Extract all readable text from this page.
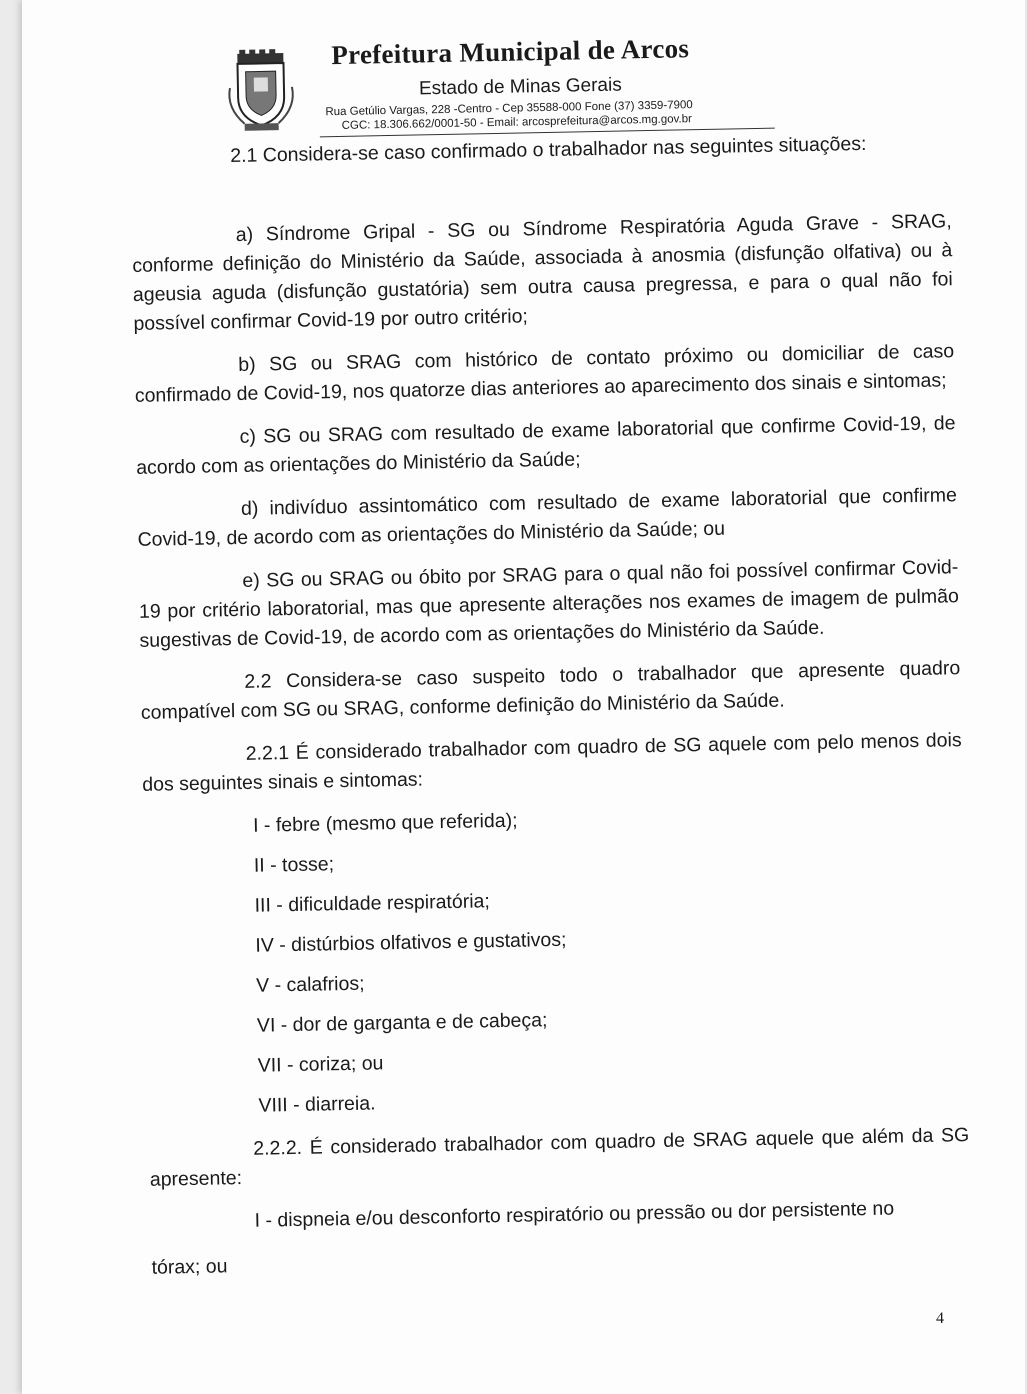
Prefeitura Municipal de Arcos
Estado de Minas Gerais
Rua Getúlio Vargas, 228 -Centro - Cep 35588-000 Fone (37) 3359-7900
CGC: 18.306.662/0001-50 - Email: arcosprefeitura@arcos.mg.gov.br

2.1 Considera-se caso confirmado o trabalhador nas seguintes situações:

a) Síndrome Gripal - SG ou Síndrome Respiratória Aguda Grave - SRAG, conforme definição do Ministério da Saúde, associada à anosmia (disfunção olfativa) ou à ageusia aguda (disfunção gustatória) sem outra causa pregressa, e para o qual não foi possível confirmar Covid-19 por outro critério;

b) SG ou SRAG com histórico de contato próximo ou domiciliar de caso confirmado de Covid-19, nos quatorze dias anteriores ao aparecimento dos sinais e sintomas;

c) SG ou SRAG com resultado de exame laboratorial que confirme Covid-19, de acordo com as orientações do Ministério da Saúde;

d) indivíduo assintomático com resultado de exame laboratorial que confirme Covid-19, de acordo com as orientações do Ministério da Saúde; ou

e) SG ou SRAG ou óbito por SRAG para o qual não foi possível confirmar Covid-19 por critério laboratorial, mas que apresente alterações nos exames de imagem de pulmão sugestivas de Covid-19, de acordo com as orientações do Ministério da Saúde.

2.2 Considera-se caso suspeito todo o trabalhador que apresente quadro compatível com SG ou SRAG, conforme definição do Ministério da Saúde.

2.2.1 É considerado trabalhador com quadro de SG aquele com pelo menos dois dos seguintes sinais e sintomas:

I - febre (mesmo que referida);

II - tosse;

III - dificuldade respiratória;

IV - distúrbios olfativos e gustativos;

V - calafrios;

VI - dor de garganta e de cabeça;

VII - coriza; ou

VIII - diarreia.

2.2.2. É considerado trabalhador com quadro de SRAG aquele que além da SG apresente:

I - dispneia e/ou desconforto respiratório ou pressão ou dor persistente no

tórax; ou

4
